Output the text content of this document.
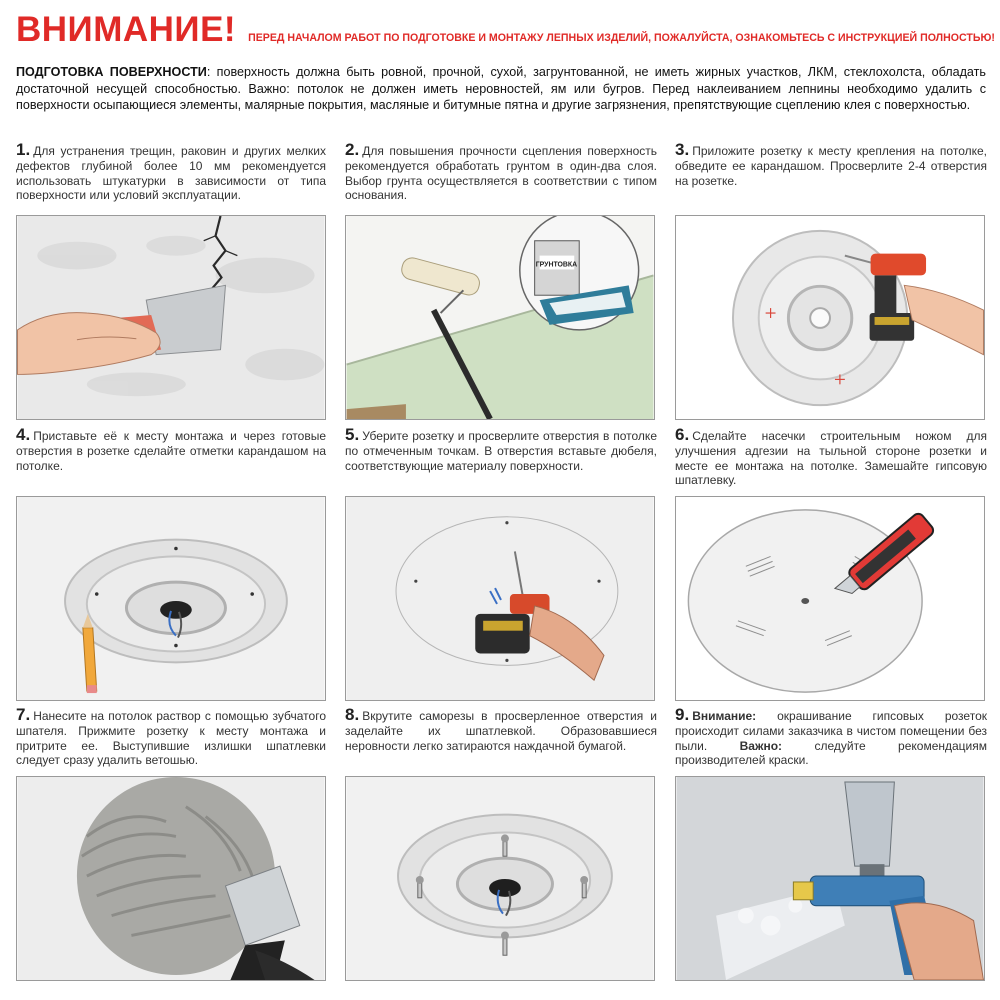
ВНИМАНИЕ! ПЕРЕД НАЧАЛОМ РАБОТ ПО ПОДГОТОВКЕ И МОНТАЖУ ЛЕПНЫХ ИЗДЕЛИЙ, ПОЖАЛУЙСТА, ОЗНАКОМЬТЕСЬ С ИНСТРУКЦИЕЙ ПОЛНОСТЬЮ!
ПОДГОТОВКА ПОВЕРХНОСТИ: поверхность должна быть ровной, прочной, сухой, загрунтованной, не иметь жирных участков, ЛКМ, стеклохолста, обладать достаточной несущей способностью. Важно: потолок не должен иметь неровностей, ям или бугров. Перед наклеиванием лепнины необходимо удалить с поверхности осыпающиеся элементы, малярные покрытия, масляные и битумные пятна и другие загрязнения, препятствующие сцеплению клея с поверхностью.
1. Для устранения трещин, раковин и других мелких дефектов глубиной более 10 мм рекомендуется использовать штукатурки в зависимости от типа поверхности или условий эксплуатации.
2. Для повышения прочности сцепления поверхность рекомендуется обработать грунтом в один-два слоя. Выбор грунта осуществляется в соответствии с типом основания.
3. Приложите розетку к месту крепления на потолке, обведите ее карандашом. Просверлите 2-4 отверстия на розетке.
ГРУНТОВКА
4. Приставьте её к месту монтажа и через готовые отверстия в розетке сделайте отметки карандашом на потолке.
5. Уберите розетку и просверлите отверстия в потолке по отмеченным точкам. В отверстия вставьте дюбеля, соответствующие материалу поверхности.
6. Сделайте насечки строительным ножом для улучшения адгезии на тыльной стороне розетки и месте ее монтажа на потолке. Замешайте гипсовую шпатлевку.
7. Нанесите на потолок раствор с помощью зубчатого шпателя. Прижмите розетку к месту монтажа и притрите ее. Выступившие излишки шпатлевки следует сразу удалить ветошью.
8. Вкрутите саморезы в просверленное отверстия и заделайте их шпатлевкой. Образовавшиеся неровности легко затираются наждачной бумагой.
9. Внимание: окрашивание гипсовых розеток происходит силами заказчика в чистом помещении без пыли. Важно: следуйте рекомендациям производителей краски.
